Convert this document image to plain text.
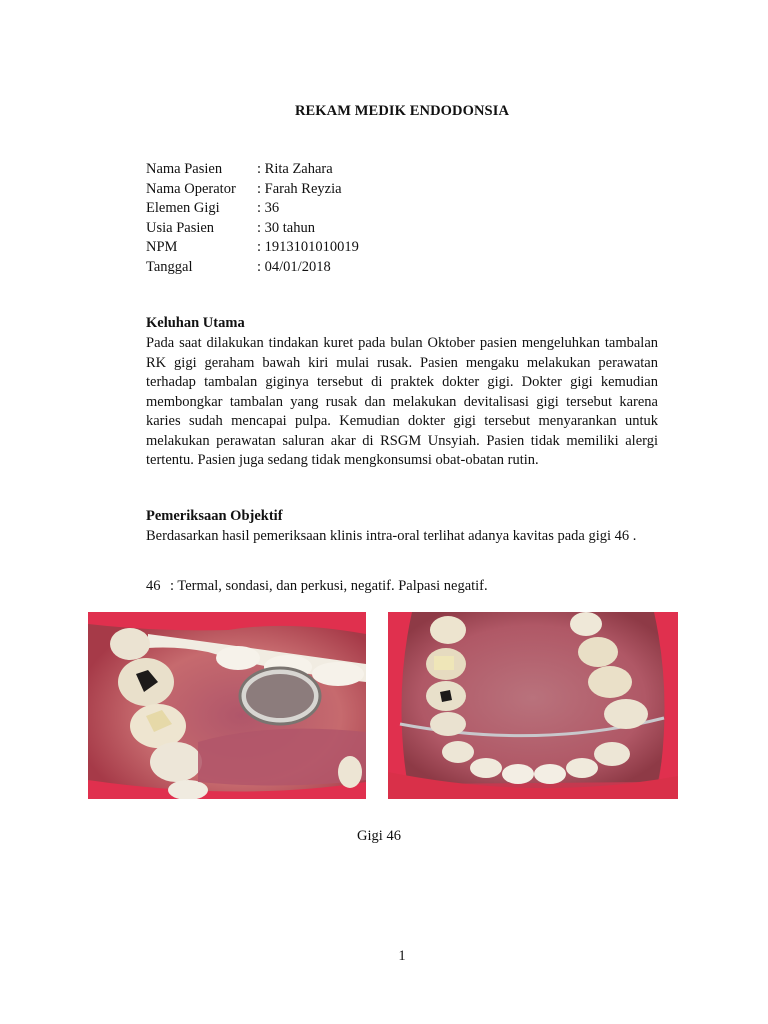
REKAM MEDIK ENDODONSIA
Nama Pasien : Rita Zahara
Nama Operator : Farah Reyzia
Elemen Gigi	: 36
Usia Pasien	: 30 tahun
NPM	: 1913101010019
Tanggal	: 04/01/2018
Keluhan Utama

Pada saat dilakukan tindakan kuret pada bulan Oktober pasien mengeluhkan tambalan RK gigi geraham bawah kiri mulai rusak. Pasien mengaku melakukan perawatan terhadap tambalan giginya tersebut di praktek dokter gigi. Dokter gigi kemudian membongkar tambalan yang rusak dan melakukan devitalisasi gigi tersebut karena karies sudah mencapai pulpa. Kemudian dokter gigi tersebut menyarankan untuk melakukan perawatan saluran akar di RSGM Unsyiah. Pasien tidak memiliki alergi tertentu. Pasien juga sedang tidak mengkonsumsi obat-obatan rutin.

Pemeriksaan Objektif

Berdasarkan hasil pemeriksaan klinis intra-oral terlihat adanya kavitas pada gigi 46 .

46 : Termal, sondasi, dan perkusi, negatif. Palpasi negatif.
Gigi 46
1
